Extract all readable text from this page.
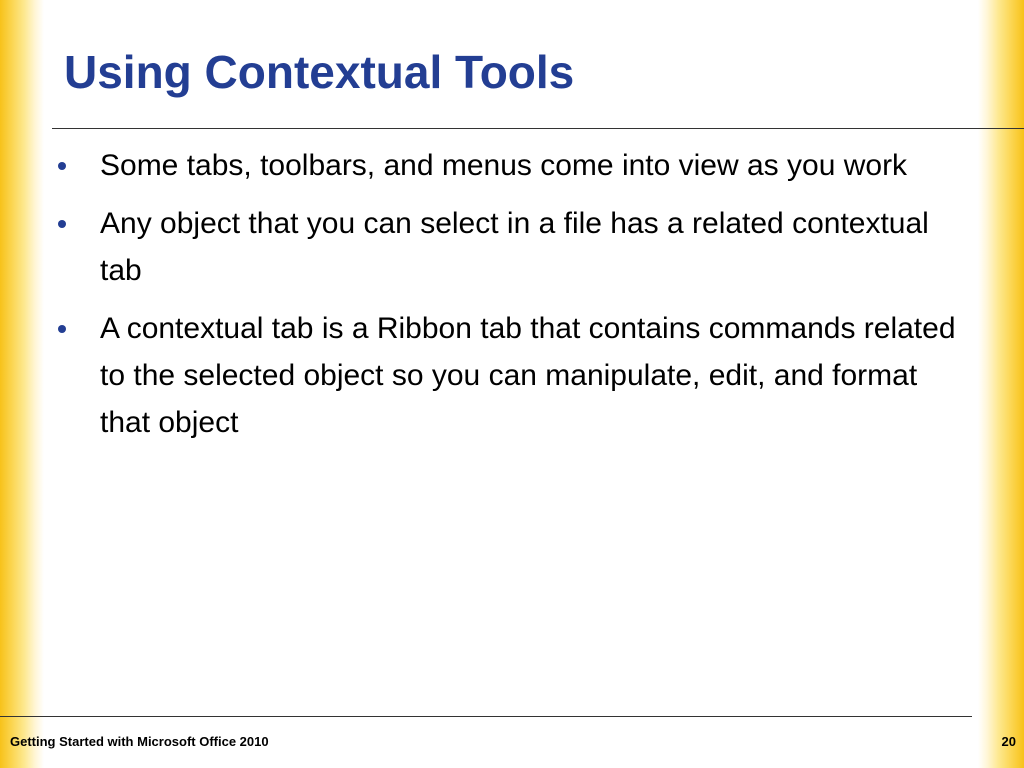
Using Contextual Tools
Some tabs, toolbars, and menus come into view as you work
Any object that you can select in a file has a related contextual tab
A contextual tab is a Ribbon tab that contains commands related to the selected object so you can manipulate, edit, and format that object
Getting Started with Microsoft Office 2010	20
